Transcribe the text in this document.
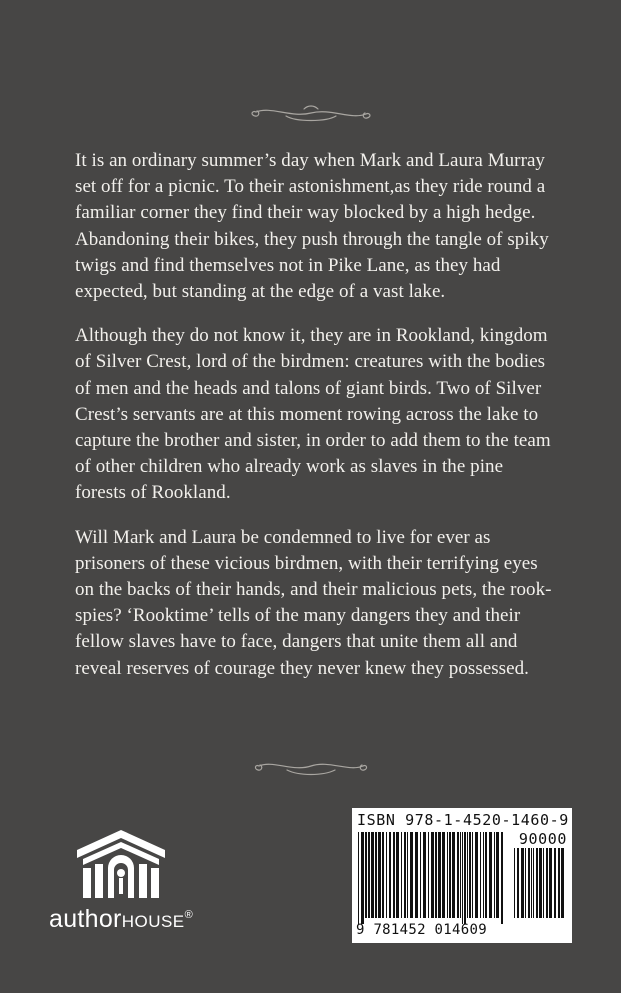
It is an ordinary summer’s day when Mark and Laura Murray set off for a picnic. To their astonishment,as they ride round a familiar corner they find their way blocked by a high hedge. Abandoning their bikes, they push through the tangle of spiky twigs and find themselves not in Pike Lane, as they had expected, but standing at the edge of a vast lake.

Although they do not know it, they are in Rookland, kingdom of Silver Crest, lord of the birdmen: creatures with the bodies of men and the heads and talons of giant birds. Two of Silver Crest’s servants are at this moment rowing across the lake to capture the brother and sister, in order to add them to the team of other children who already work as slaves in the pine forests of Rookland.

Will Mark and Laura be condemned to live for ever as prisoners of these vicious birdmen, with their terrifying eyes on the backs of their hands, and their malicious pets, the rook-spies? ‘Rooktime’ tells of the many dangers they and their fellow slaves have to face, dangers that unite them all and reveal reserves of courage they never knew they possessed.

authorHOUSE®
ISBN 978-1-4520-1460-9
90000
9 781452 014609
